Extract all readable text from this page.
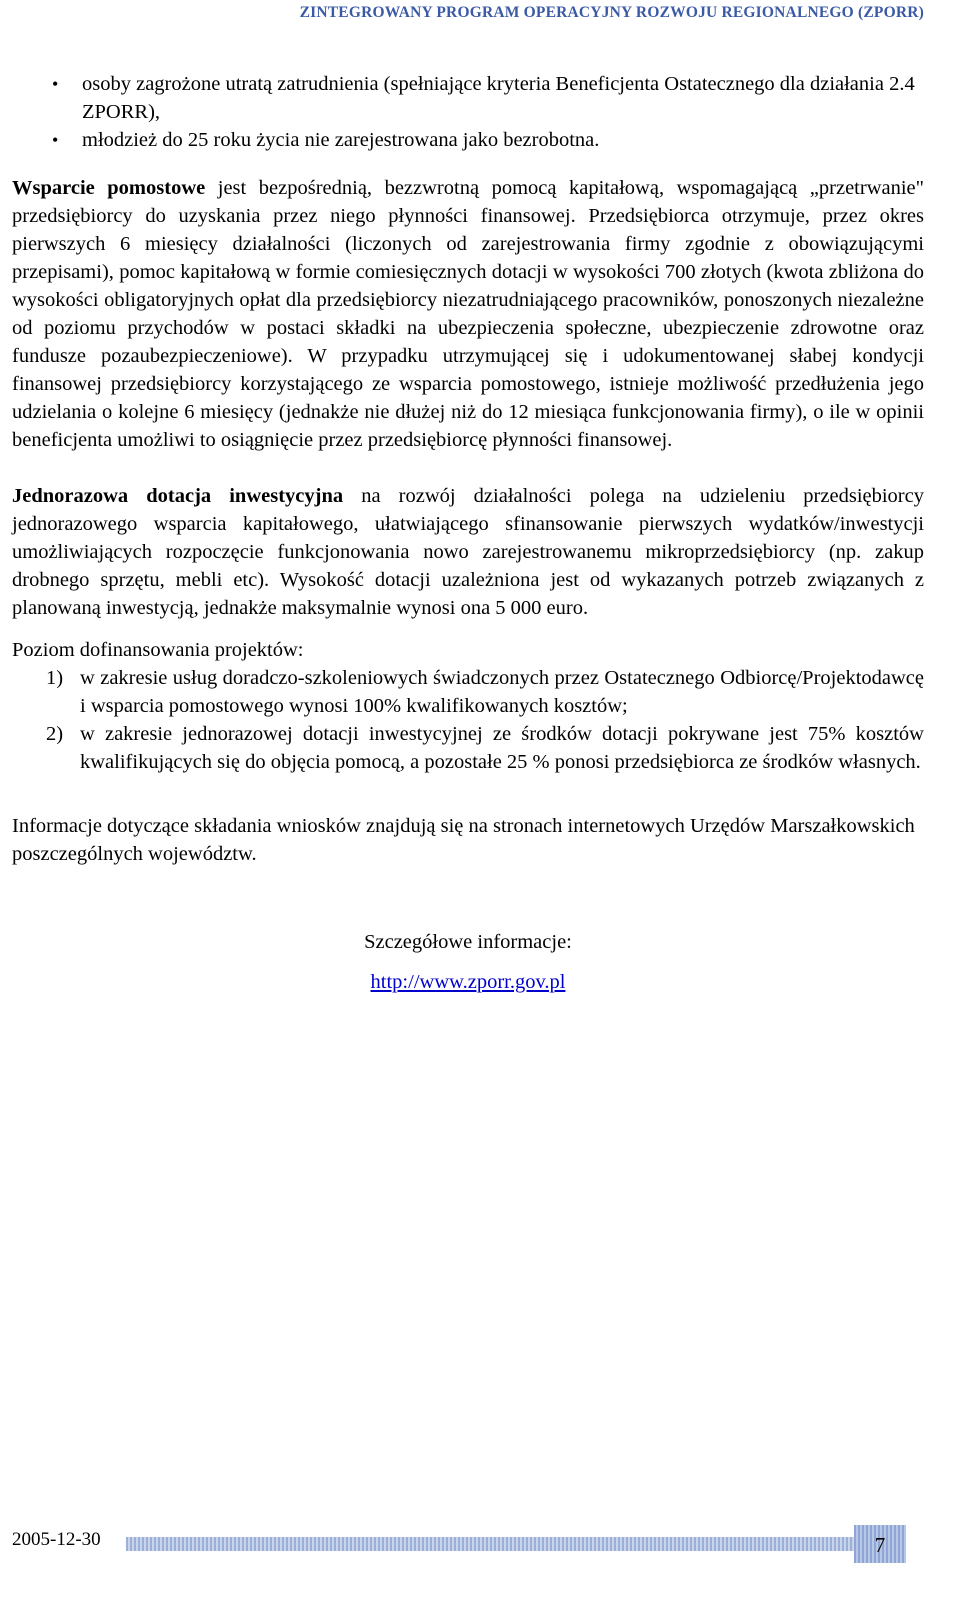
ZINTEGROWANY PROGRAM OPERACYJNY ROZWOJU REGIONALNEGO (ZPORR)
• osoby zagrożone utratą zatrudnienia (spełniające kryteria Beneficjenta Ostatecznego dla działania 2.4 ZPORR),
• młodzież do 25 roku życia nie zarejestrowana jako bezrobotna.

Wsparcie pomostowe jest bezpośrednią, bezzwrotną pomocą kapitałową, wspomagającą „przetrwanie" przedsiębiorcy do uzyskania przez niego płynności finansowej. Przedsiębiorca otrzymuje, przez okres pierwszych 6 miesięcy działalności (liczonych od zarejestrowania firmy zgodnie z obowiązującymi przepisami), pomoc kapitałową w formie comiesięcznych dotacji w wysokości 700 złotych (kwota zbliżona do wysokości obligatoryjnych opłat dla przedsiębiorcy niezatrudniającego pracowników, ponoszonych niezależne od poziomu przychodów w postaci składki na ubezpieczenia społeczne, ubezpieczenie zdrowotne oraz fundusze pozaubezpieczeniowe). W przypadku utrzymującej się i udokumentowanej słabej kondycji finansowej przedsiębiorcy korzystającego ze wsparcia pomostowego, istnieje możliwość przedłużenia jego udzielania o kolejne 6 miesięcy (jednakże nie dłużej niż do 12 miesiąca funkcjonowania firmy), o ile w opinii beneficjenta umożliwi to osiągnięcie przez przedsiębiorcę płynności finansowej.

Jednorazowa dotacja inwestycyjna na rozwój działalności polega na udzieleniu przedsiębiorcy jednorazowego wsparcia kapitałowego, ułatwiającego sfinansowanie pierwszych wydatków/inwestycji umożliwiających rozpoczęcie funkcjonowania nowo zarejestrowanemu mikroprzedsiębiorcy (np. zakup drobnego sprzętu, mebli etc). Wysokość dotacji uzależniona jest od wykazanych potrzeb związanych z planowaną inwestycją, jednakże maksymalnie wynosi ona 5 000 euro.

Poziom dofinansowania projektów:

1) w zakresie usług doradczo-szkoleniowych świadczonych przez Ostatecznego Odbiorcę/Projektodawcę i wsparcia pomostowego wynosi 100% kwalifikowanych kosztów;
2) w zakresie jednorazowej dotacji inwestycyjnej ze środków dotacji pokrywane jest 75% kosztów kwalifikujących się do objęcia pomocą, a pozostałe 25 % ponosi przedsiębiorca ze środków własnych.

Informacje dotyczące składania wniosków znajdują się na stronach internetowych Urzędów Marszałkowskich poszczególnych województw.

Szczegółowe informacje:

http://www.zporr.gov.pl

2005-12-30	7
